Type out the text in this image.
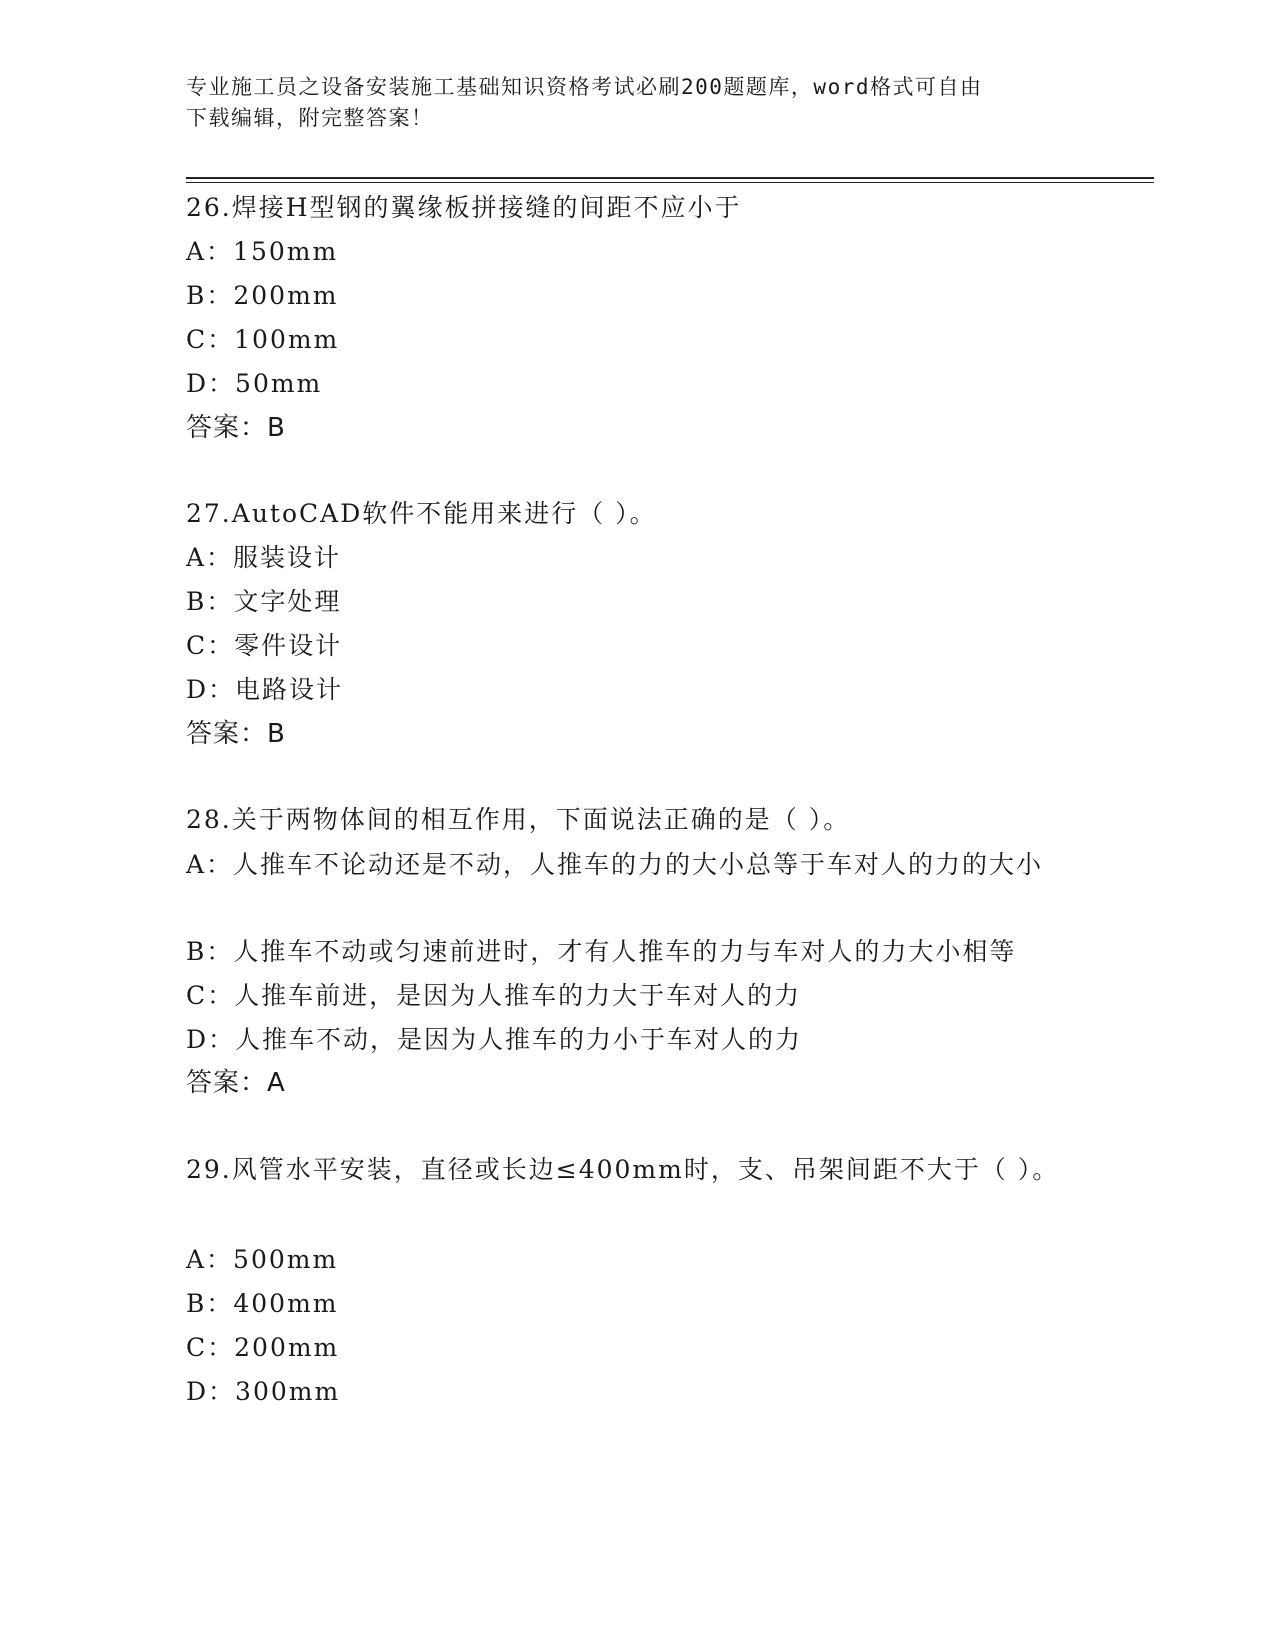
专业施工员之设备安装施工基础知识资格考试必刷200题题库，word格式可自由
下载编辑，附完整答案！
26.焊接H型钢的翼缘板拼接缝的间距不应小于
A：150mm
B：200mm
C：100mm
D：50mm
答案：B
27.AutoCAD软件不能用来进行（ ）。
A：服装设计
B：文字处理
C：零件设计
D：电路设计
答案：B
28.关于两物体间的相互作用，下面说法正确的是（ ）。
A：人推车不论动还是不动，人推车的力的大小总等于车对人的力的大小
B：人推车不动或匀速前进时，才有人推车的力与车对人的力大小相等
C：人推车前进，是因为人推车的力大于车对人的力
D：人推车不动，是因为人推车的力小于车对人的力
答案：A
29.风管水平安装，直径或长边≤400mm时，支、吊架间距不大于（ ）。
A：500mm
B：400mm
C：200mm
D：300mm
